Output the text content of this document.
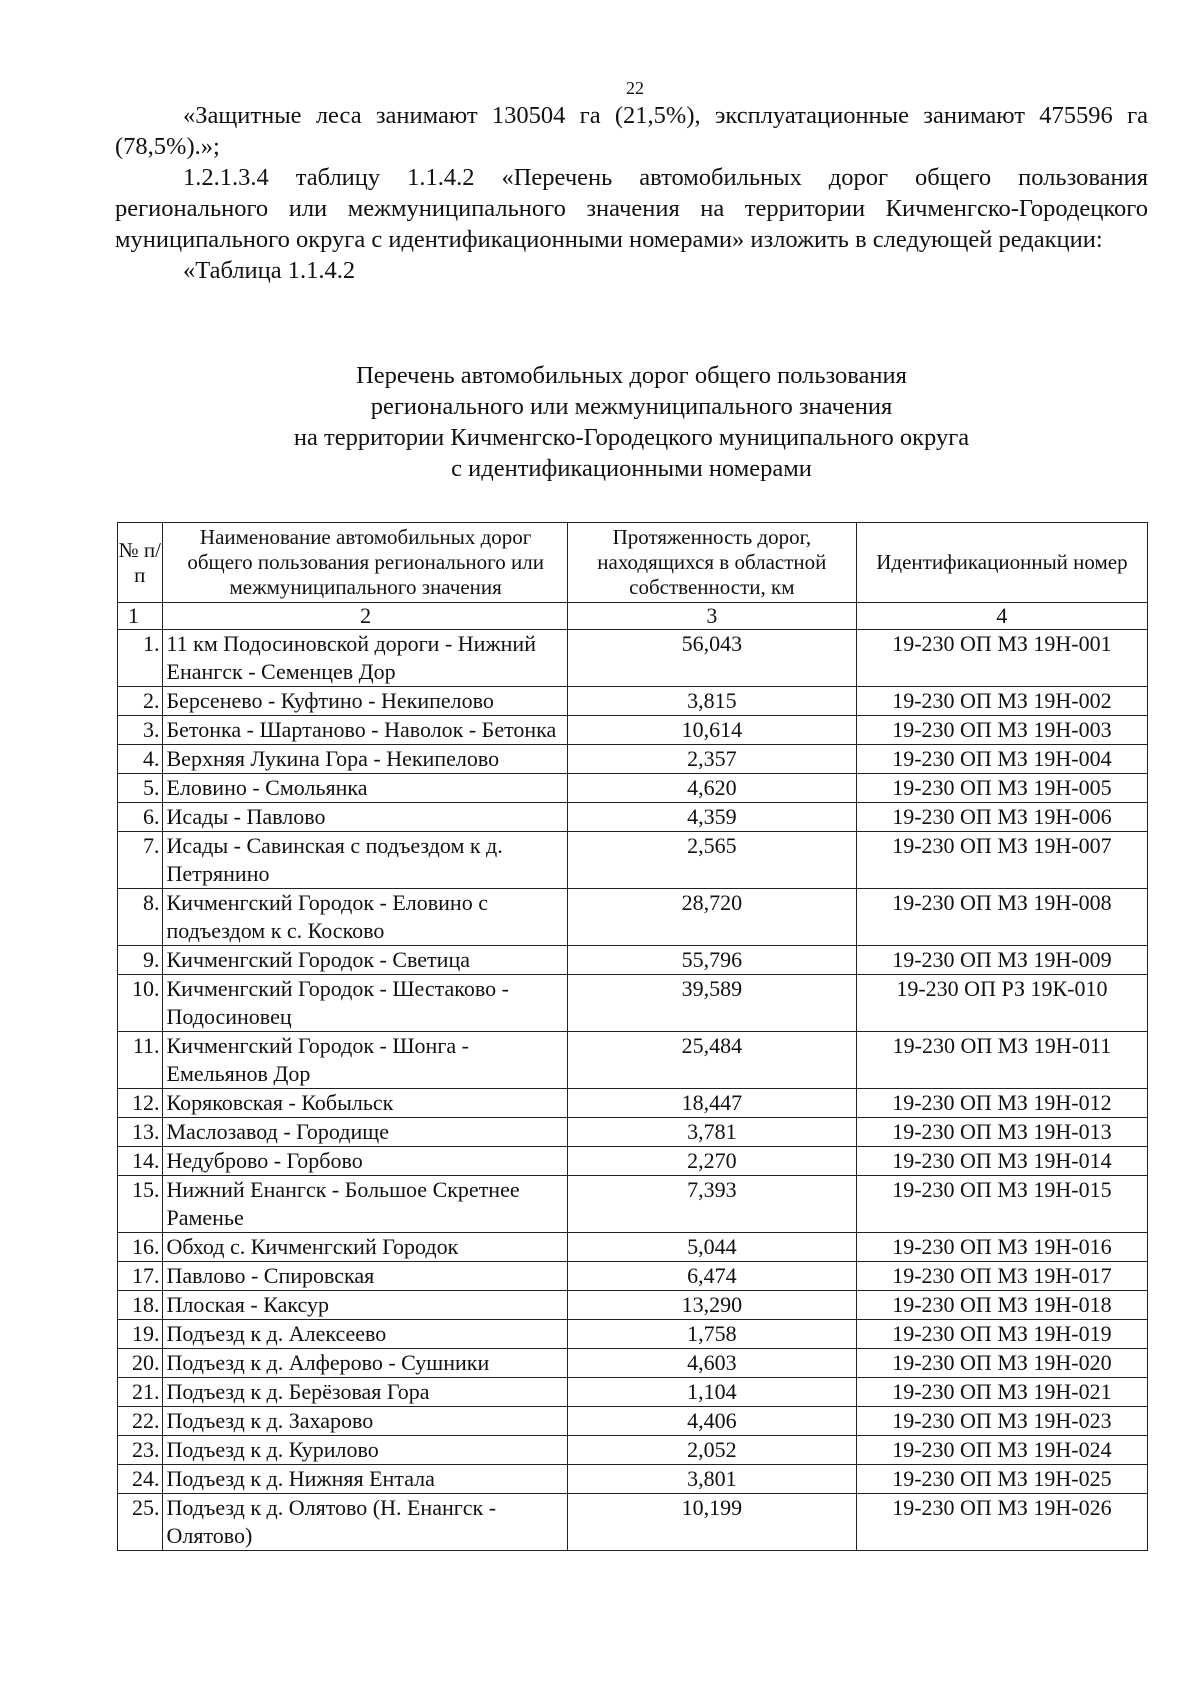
22

«Защитные леса занимают 130504 га (21,5%), эксплуатационные занимают 475596 га (78,5%).»;

1.2.1.3.4 таблицу 1.1.4.2 «Перечень автомобильных дорог общего пользования регионального или межмуниципального значения на территории Кичменгско-Городецкого муниципального округа с идентификационными номерами» изложить в следующей редакции:

«Таблица 1.1.4.2

Перечень автомобильных дорог общего пользования
регионального или межмуниципального значения
на территории Кичменгско-Городецкого муниципального округа
с идентификационными номерами
№ п/п	Наименование автомобильных дорог общего пользования регионального или межмуниципального значения	Протяженность дорог, находящихся в областной собственности, км	Идентификационный номер
1	2	3	4
1.	11 км Подосиновской дороги - Нижний Енангск - Семенцев Дор	56,043	19-230 ОП МЗ 19Н-001
2.	Берсенево - Куфтино - Некипелово	3,815	19-230 ОП МЗ 19Н-002
3.	Бетонка - Шартаново - Наволок - Бетонка	10,614	19-230 ОП МЗ 19Н-003
4.	Верхняя Лукина Гора - Некипелово	2,357	19-230 ОП МЗ 19Н-004
5.	Еловино - Смольянка	4,620	19-230 ОП МЗ 19Н-005
6.	Исады - Павлово	4,359	19-230 ОП МЗ 19Н-006
7.	Исады - Савинская с подъездом к д. Петрянино	2,565	19-230 ОП МЗ 19Н-007
8.	Кичменгский Городок - Еловино с подъездом к с. Косково	28,720	19-230 ОП МЗ 19Н-008
9.	Кичменгский Городок - Светица	55,796	19-230 ОП МЗ 19Н-009
10.	Кичменгский Городок - Шестаково - Подосиновец	39,589	19-230 ОП РЗ 19К-010
11.	Кичменгский Городок - Шонга - Емельянов Дор	25,484	19-230 ОП МЗ 19Н-011
12.	Коряковская - Кобыльск	18,447	19-230 ОП МЗ 19Н-012
13.	Маслозавод - Городище	3,781	19-230 ОП МЗ 19Н-013
14.	Недуброво - Горбово	2,270	19-230 ОП МЗ 19Н-014
15.	Нижний Енангск - Большое Скретнее Раменье	7,393	19-230 ОП МЗ 19Н-015
16.	Обход с. Кичменгский Городок	5,044	19-230 ОП МЗ 19Н-016
17.	Павлово - Спировская	6,474	19-230 ОП МЗ 19Н-017
18.	Плоская - Каксур	13,290	19-230 ОП МЗ 19Н-018
19.	Подъезд к д. Алексеево	1,758	19-230 ОП МЗ 19Н-019
20.	Подъезд к д. Алферово - Сушники	4,603	19-230 ОП МЗ 19Н-020
21.	Подъезд к д. Берёзовая Гора	1,104	19-230 ОП МЗ 19Н-021
22.	Подъезд к д. Захарово	4,406	19-230 ОП МЗ 19Н-023
23.	Подъезд к д. Курилово	2,052	19-230 ОП МЗ 19Н-024
24.	Подъезд к д. Нижняя Ентала	3,801	19-230 ОП МЗ 19Н-025
25.	Подъезд к д. Олятово (Н. Енангск - Олятово)	10,199	19-230 ОП МЗ 19Н-026
